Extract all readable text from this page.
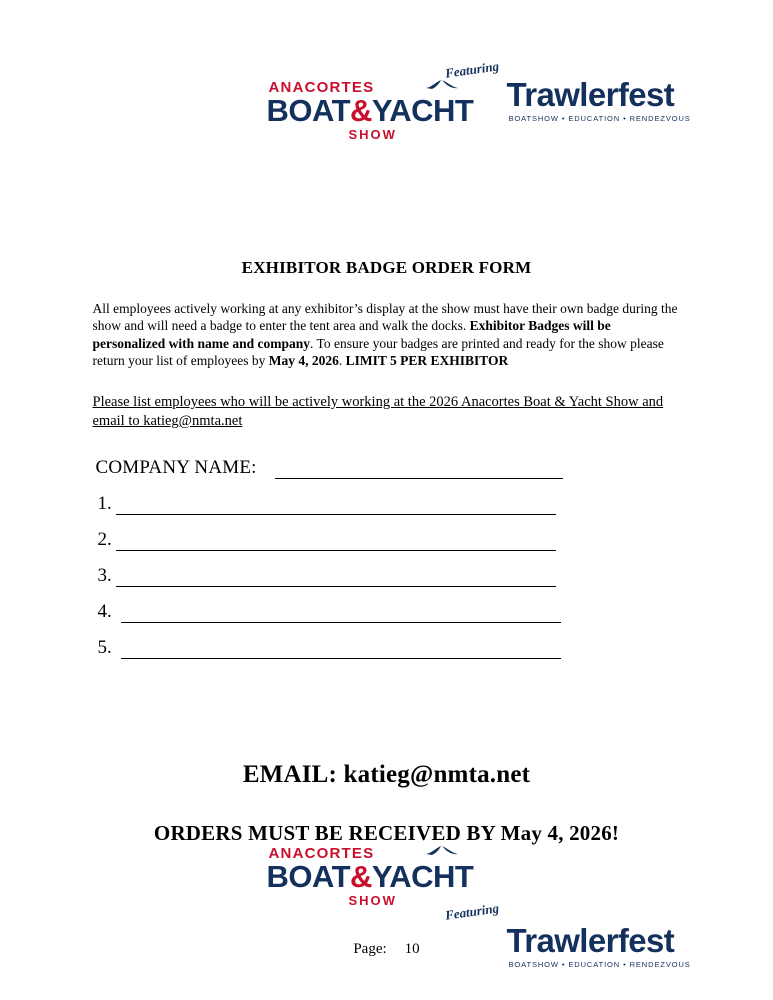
ANACORTES
BOAT&YACHT
SHOW
Featuring
Trawlerfest
BOATSHOW • EDUCATION • RENDEZVOUS
EXHIBITOR BADGE ORDER FORM
All employees actively working at any exhibitor’s display at the show must have their own badge during the show and will need a badge to enter the tent area and walk the docks. Exhibitor Badges will be personalized with name and company. To ensure your badges are printed and ready for the show please return your list of employees by May 4, 2026. LIMIT 5 PER EXHIBITOR
Please list employees who will be actively working at the 2026 Anacortes Boat & Yacht Show and email to katieg@nmta.net
COMPANY NAME:
1.
2.
3.
4.
5.
EMAIL: katieg@nmta.net
ORDERS MUST BE RECEIVED BY May 4, 2026!
ANACORTES
BOAT&YACHT
SHOW
Featuring
Trawlerfest
BOATSHOW • EDUCATION • RENDEZVOUS
Page: 10
